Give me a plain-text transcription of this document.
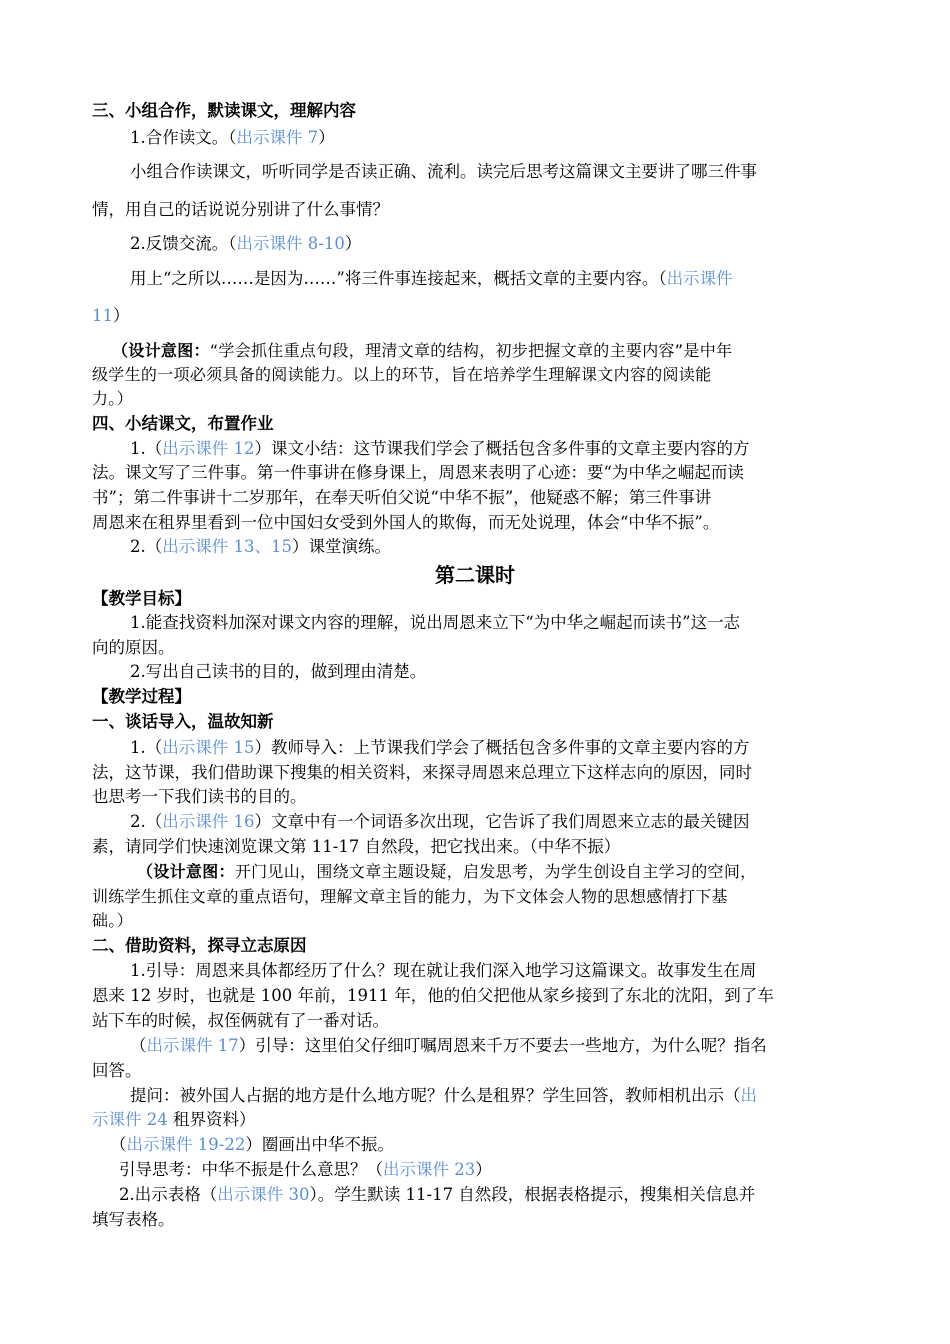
三、小组合作，默读课文，理解内容
1.合作读文。（出示课件 7）
小组合作读课文，听听同学是否读正确、流利。读完后思考这篇课文主要讲了哪三件事
情，用自己的话说说分别讲了什么事情？
2.反馈交流。（出示课件 8-10）
用上“之所以……是因为……”将三件事连接起来，概括文章的主要内容。（出示课件
11）
（设计意图：“学会抓住重点句段，理清文章的结构，初步把握文章的主要内容”是中年
级学生的一项必须具备的阅读能力。以上的环节，旨在培养学生理解课文内容的阅读能
力。）
四、小结课文，布置作业
1.（出示课件 12）课文小结：这节课我们学会了概括包含多件事的文章主要内容的方
法。课文写了三件事。第一件事讲在修身课上，周恩来表明了心迹：要“为中华之崛起而读
书”；第二件事讲十二岁那年，在奉天听伯父说“中华不振”，他疑惑不解；第三件事讲
周恩来在租界里看到一位中国妇女受到外国人的欺侮，而无处说理，体会“中华不振”。
2.（出示课件 13、15）课堂演练。
第二课时
【教学目标】
1.能查找资料加深对课文内容的理解，说出周恩来立下“为中华之崛起而读书”这一志
向的原因。
2.写出自己读书的目的，做到理由清楚。
【教学过程】
一、谈话导入，温故知新
1.（出示课件 15）教师导入：上节课我们学会了概括包含多件事的文章主要内容的方
法，这节课，我们借助课下搜集的相关资料，来探寻周恩来总理立下这样志向的原因，同时
也思考一下我们读书的目的。
2.（出示课件 16）文章中有一个词语多次出现，它告诉了我们周恩来立志的最关键因
素，请同学们快速浏览课文第 11-17 自然段，把它找出来。（中华不振）
（设计意图：开门见山，围绕文章主题设疑，启发思考，为学生创设自主学习的空间，
训练学生抓住文章的重点语句，理解文章主旨的能力，为下文体会人物的思想感情打下基
础。）
二、借助资料，探寻立志原因
1.引导：周恩来具体都经历了什么？现在就让我们深入地学习这篇课文。故事发生在周
恩来 12 岁时，也就是 100 年前，1911 年，他的伯父把他从家乡接到了东北的沈阳，到了车
站下车的时候，叔侄俩就有了一番对话。
（出示课件 17）引导：这里伯父仔细叮嘱周恩来千万不要去一些地方，为什么呢？指名
回答。
提问：被外国人占据的地方是什么地方呢？什么是租界？学生回答，教师相机出示（出
示课件 24 租界资料）
（出示课件 19-22）圈画出中华不振。
引导思考：中华不振是什么意思？（出示课件 23）
2.出示表格（出示课件 30）。学生默读 11-17 自然段，根据表格提示，搜集相关信息并
填写表格。
